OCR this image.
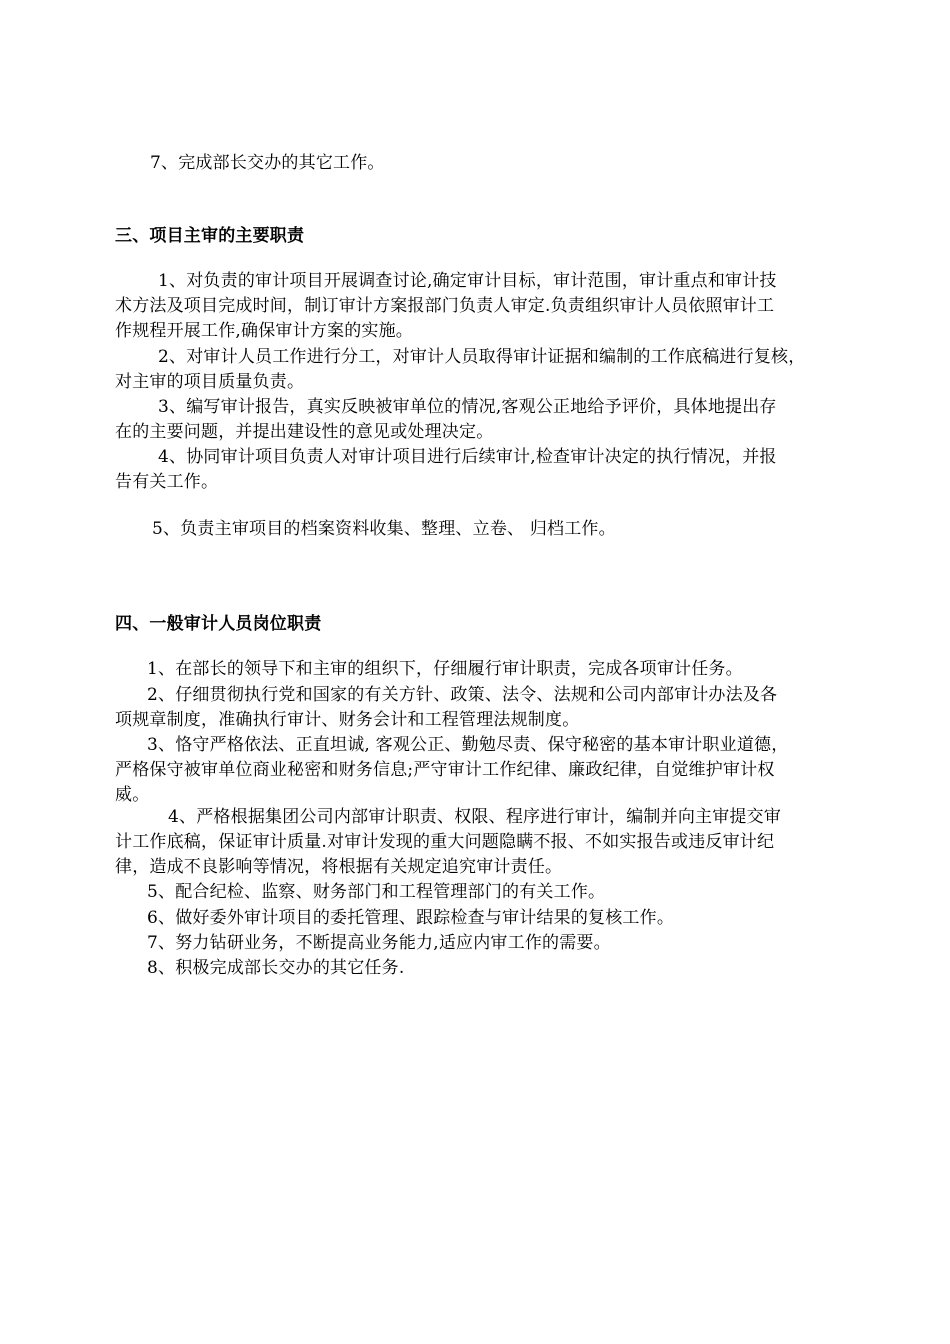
7、完成部长交办的其它工作。
三、项目主审的主要职责
1、对负责的审计项目开展调查讨论,确定审计目标，审计范围，审计重点和审计技
术方法及项目完成时间，制订审计方案报部门负责人审定.负责组织审计人员依照审计工
作规程开展工作,确保审计方案的实施。
2、对审计人员工作进行分工，对审计人员取得审计证据和编制的工作底稿进行复核，
对主审的项目质量负责。
3、编写审计报告，真实反映被审单位的情况,客观公正地给予评价，具体地提出存
在的主要问题，并提出建设性的意见或处理决定。
4、协同审计项目负责人对审计项目进行后续审计,检查审计决定的执行情况，并报
告有关工作。
5、负责主审项目的档案资料收集、整理、立卷、 归档工作。
四、一般审计人员岗位职责
1、在部长的领导下和主审的组织下，仔细履行审计职责，完成各项审计任务。
2、仔细贯彻执行党和国家的有关方针、政策、法令、法规和公司内部审计办法及各
项规章制度，准确执行审计、财务会计和工程管理法规制度。
3、恪守严格依法、正直坦诚, 客观公正、勤勉尽责、保守秘密的基本审计职业道德，
严格保守被审单位商业秘密和财务信息;严守审计工作纪律、廉政纪律，自觉维护审计权
威。
4、严格根据集团公司内部审计职责、权限、程序进行审计，编制并向主审提交审
计工作底稿，保证审计质量.对审计发现的重大问题隐瞒不报、不如实报告或违反审计纪
律，造成不良影响等情况，将根据有关规定追究审计责任。
5、配合纪检、监察、财务部门和工程管理部门的有关工作。
6、做好委外审计项目的委托管理、跟踪检查与审计结果的复核工作。
7、努力钻研业务，不断提高业务能力,适应内审工作的需要。
8、积极完成部长交办的其它任务.
